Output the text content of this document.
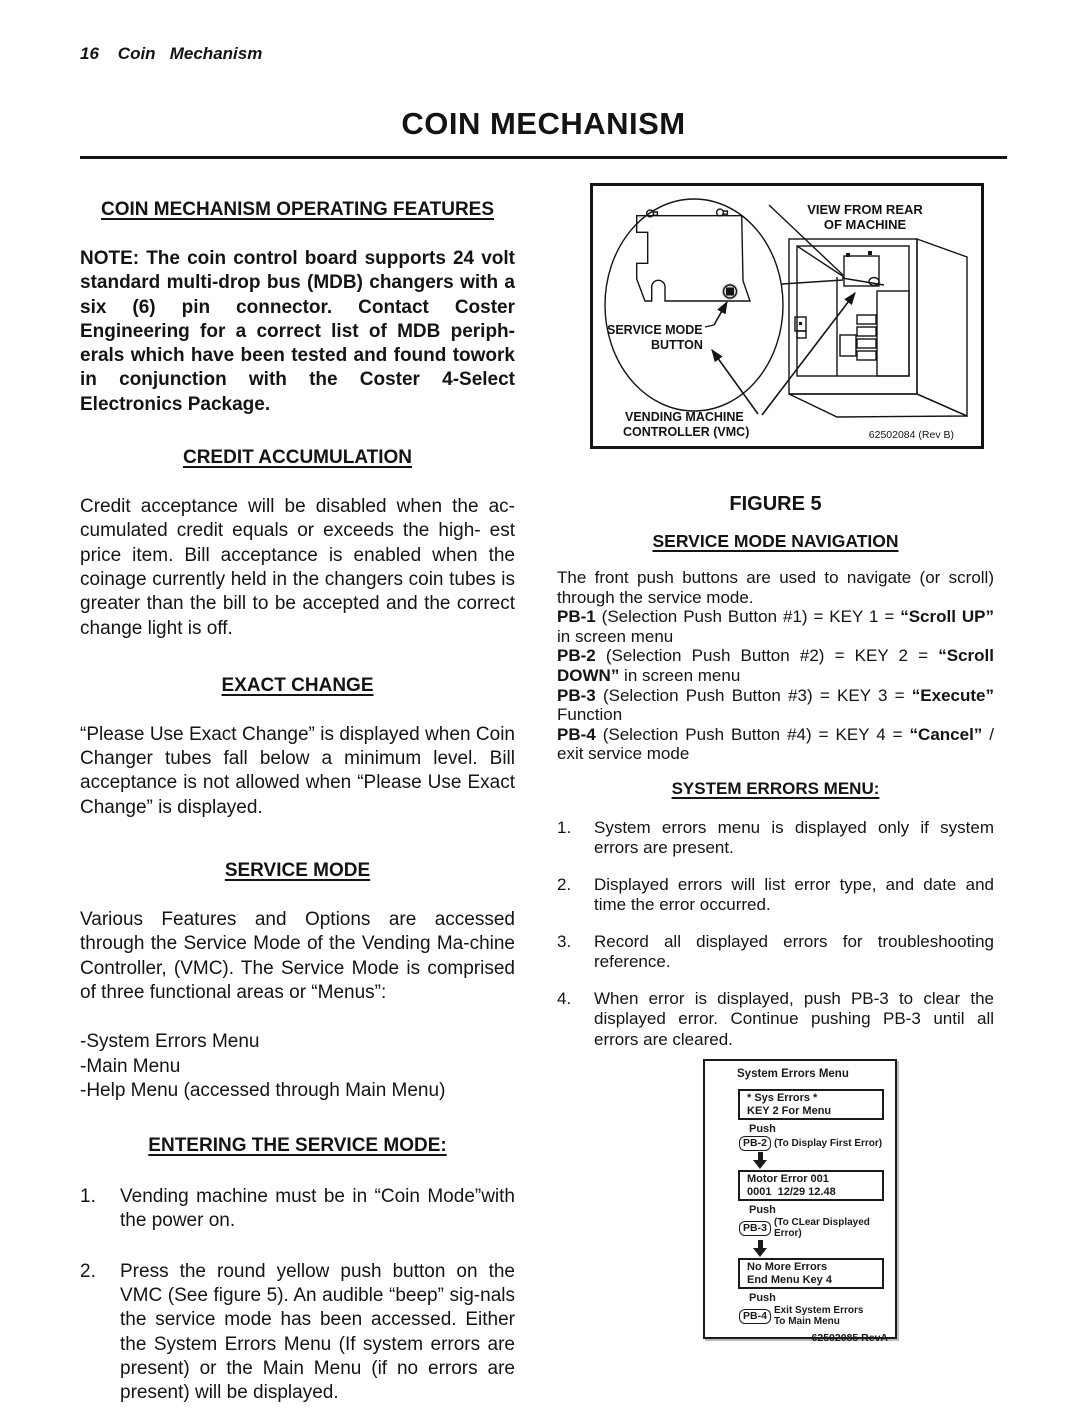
16    Coin   Mechanism
COIN MECHANISM
COIN MECHANISM OPERATING FEATURES

NOTE: The coin control board supports 24 volt standard multi-drop bus (MDB) changers with a six (6) pin connector. Contact Coster Engineering for a correct list of MDB periph-erals which have been tested and found towork in conjunction with the Coster 4-Select Electronics Package.

CREDIT ACCUMULATION

Credit acceptance will be disabled when the ac-cumulated credit equals or exceeds the high- est price item. Bill acceptance is enabled when the coinage currently held in the changers coin tubes is greater than the bill to be accepted and the correct change light is off.

EXACT CHANGE

“Please Use Exact Change” is displayed when Coin Changer tubes fall below a minimum level. Bill acceptance is not allowed when “Please Use Exact Change” is displayed.

SERVICE MODE

Various Features and Options are accessed through the Service Mode of the Vending Ma-chine Controller, (VMC). The Service Mode is comprised of three functional areas or “Menus”:

-System Errors Menu
-Main Menu
-Help Menu (accessed through Main Menu)
ENTERING THE SERVICE MODE:
1.	Vending machine must be in “Coin Mode”with the power on.
2.	Press the round yellow push button on the VMC (See figure 5). An audible “beep” sig-nals the service mode has been accessed. Either the System Errors Menu (If system errors are present) or the Main Menu (if no errors are present) will be displayed.
VIEW FROM REAR
OF MACHINE
SERVICE MODE
BUTTON
VENDING MACHINE
CONTROLLER (VMC)	62502084 (Rev B)
FIGURE 5
SERVICE MODE NAVIGATION

The front push buttons are used to navigate (or scroll) through the service mode.

PB-1 (Selection Push Button #1) = KEY 1 = “Scroll UP” in screen menu

PB-2 (Selection Push Button #2) = KEY 2 = “Scroll DOWN” in screen menu

PB-3 (Selection Push Button #3) = KEY 3 = “Execute” Function

PB-4 (Selection Push Button #4) = KEY 4 = “Cancel” / exit service mode

SYSTEM ERRORS MENU:
1.	System errors menu is displayed only if system errors are present.
2.	Displayed errors will list error type, and date and time the error occurred.
3.	Record all displayed errors for troubleshooting reference.
4.	When error is displayed, push PB-3 to clear the displayed error. Continue pushing PB-3 until all errors are cleared.
System Errors Menu
* Sys Errors *
KEY 2 For Menu
Push
PB-2 (To Display First Error)
Motor Error 001
0001  12/29 12.48
Push
PB-3 (To CLear Displayed Error)
No More Errors
End Menu Key 4
Push
PB-4 Exit System Errors
To Main Menu
62502085 RevA
